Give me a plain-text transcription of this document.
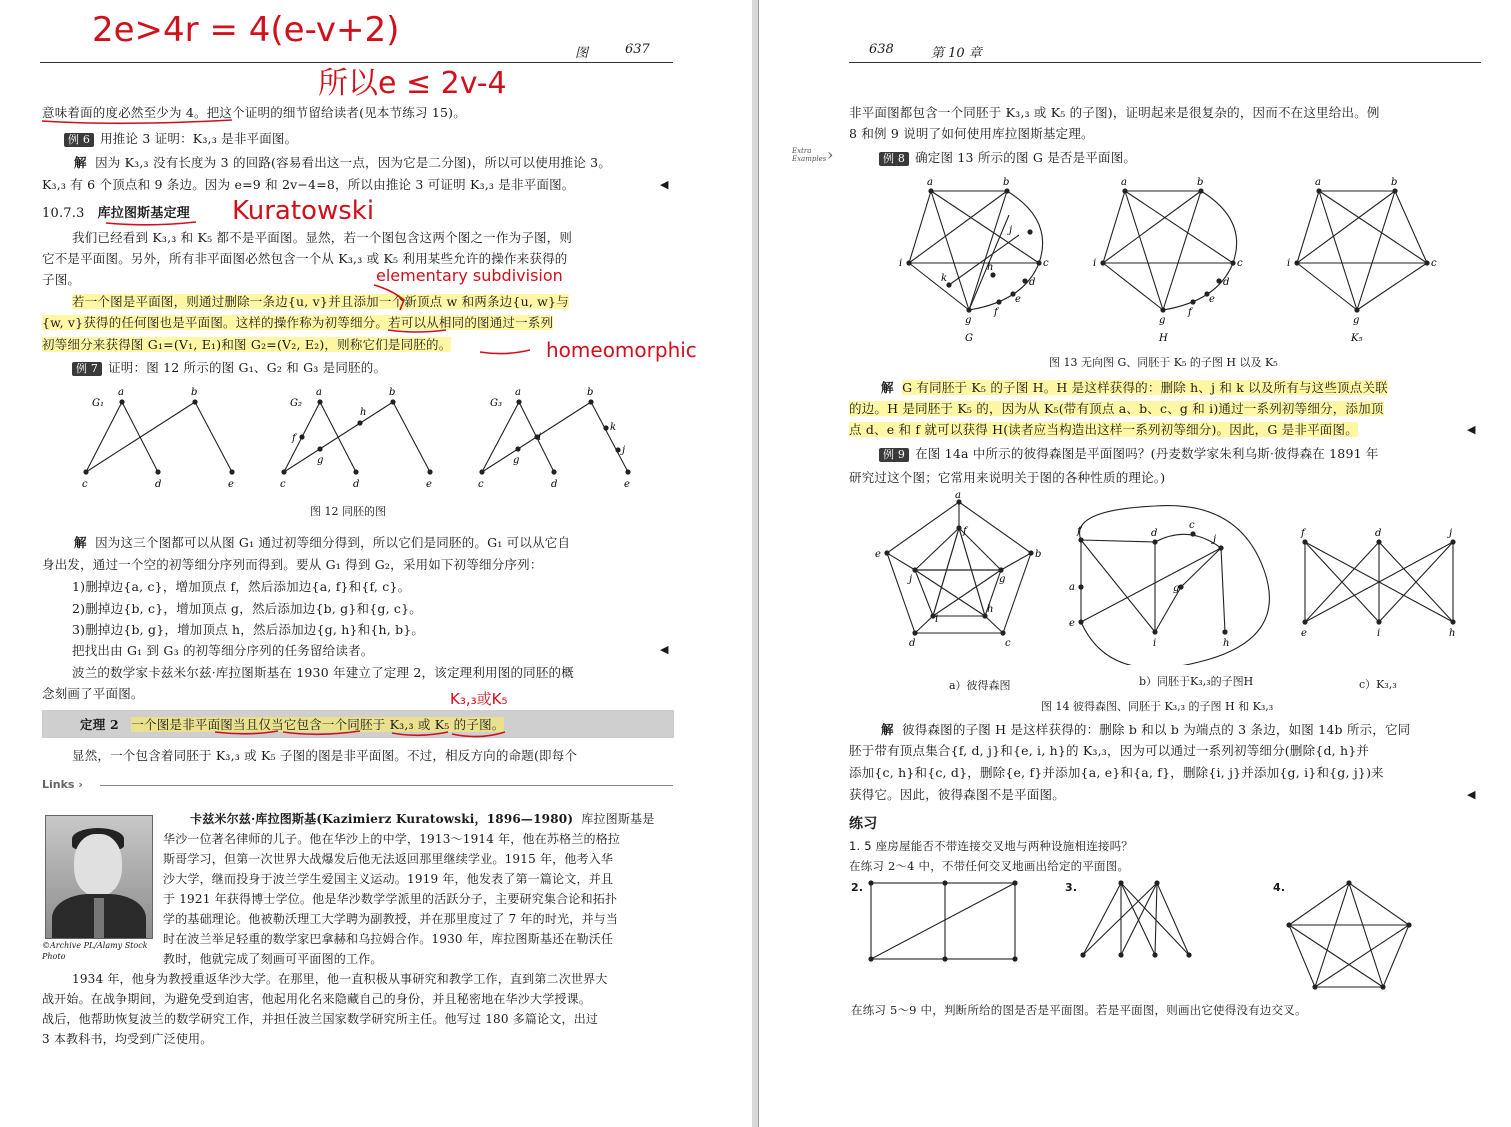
2e>4r = 4(e-v+2)
所以e ≤ 2v-4
图	637
意味着面的度必然至少为 4。把这个证明的细节留给读者(见本节练习 15)。
例 6 用推论 3 证明：K₃,₃ 是非平面图。
解 因为 K₃,₃ 没有长度为 3 的回路(容易看出这一点，因为它是二分图)，所以可以使用推论 3。
K₃,₃ 有 6 个顶点和 9 条边。因为 e=9 和 2v−4=8，所以由推论 3 可证明 K₃,₃ 是非平面图。	◀
10.7.3 库拉图斯基定理 Kuratowski
我们已经看到 K₃,₃ 和 K₅ 都不是平面图。显然，若一个图包含这两个图之一作为子图，则
它不是平面图。另外，所有非平面图必然包含一个从 K₃,₃ 或 K₅ 利用某些允许的操作来获得的
子图。	elementary subdivision
若一个图是平面图，则通过删除一条边{u, v}并且添加一个新顶点 w 和两条边{u, w}与
{w, v}获得的任何图也是平面图。这样的操作称为初等细分。若可以从相同的图通过一系列
初等细分来获得图 G₁=(V₁, E₁)和图 G₂=(V₂, E₂)，则称它们是同胚的。	homeomorphic
例 7 证明：图 12 所示的图 G₁、G₂ 和 G₃ 是同胚的。
G₁
a	b
c	d	e
G₂
a	b
f
g
h
c	d	e
G₃
a	b
g
i
k
j
c	d	e
图 12 同胚的图
解 因为这三个图都可以从图 G₁ 通过初等细分得到，所以它们是同胚的。G₁ 可以从它自
身出发，通过一个空的初等细分序列而得到。要从 G₁ 得到 G₂，采用如下初等细分序列：
1)删掉边{a, c}，增加顶点 f，然后添加边{a, f}和{f, c}。
2)删掉边{b, c}，增加顶点 g，然后添加边{b, g}和{g, c}。
3)删掉边{b, g}，增加顶点 h，然后添加边{g, h}和{h, b}。
把找出由 G₁ 到 G₃ 的初等细分序列的任务留给读者。	◀
波兰的数学家卡兹米尔兹·库拉图斯基在 1930 年建立了定理 2，该定理利用图的同胚的概
念刻画了平面图。	K₃,₃或K₅
定理 2 一个图是非平面图当且仅当它包含一个同胚于 K₃,₃ 或 K₅ 的子图。
显然，一个包含着同胚于 K₃,₃ 或 K₅ 子图的图是非平面图。不过，相反方向的命题(即每个
Links ›
©Archive PL/Alamy Stock
Photo
卡兹米尔兹·库拉图斯基(Kazimierz Kuratowski，1896—1980) 库拉图斯基是
华沙一位著名律师的儿子。他在华沙上的中学，1913～1914 年，他在苏格兰的格拉
斯哥学习，但第一次世界大战爆发后他无法返回那里继续学业。1915 年，他考入华
沙大学，继而投身于波兰学生爱国主义运动。1919 年，他发表了第一篇论文，并且
于 1921 年获得博士学位。他是华沙数学学派里的活跃分子，主要研究集合论和拓扑
学的基础理论。他被勒沃理工大学聘为副教授，并在那里度过了 7 年的时光，并与当
时在波兰举足轻重的数学家巴拿赫和乌拉姆合作。1930 年，库拉图斯基还在勒沃任
教时，他就完成了刻画可平面图的工作。
1934 年，他身为教授重返华沙大学。在那里，他一直积极从事研究和教学工作，直到第二次世界大
战开始。在战争期间，为避免受到迫害，他起用化名来隐藏自己的身份，并且秘密地在华沙大学授课。
战后，他帮助恢复波兰的数学研究工作，并担任波兰国家数学研究所主任。他写过 180 多篇论文，出过
3 本教科书，均受到广泛使用。
638	第 10 章
非平面图都包含一个同胚于 K₃,₃ 或 K₅ 的子图)，证明起来是很复杂的，因而不在这里给出。例
8 和例 9 说明了如何使用库拉图斯基定理。
Extra
Examples ›	例 8 确定图 13 所示的图 G 是否是平面图。
a	b
i	c
j
d
e
f
g
k
h
G
a	b
i	c
d
e
f
g
H
a	b
i	c
g
K₅
图 13 无向图 G、同胚于 K₅ 的子图 H 以及 K₅
解 G 有同胚于 K₅ 的子图 H。H 是这样获得的：删除 h、j 和 k 以及所有与这些顶点关联
的边。H 是同胚于 K₅ 的，因为从 K₅(带有顶点 a、b、c、g 和 i)通过一系列初等细分，添加顶
点 d、e 和 f 就可以获得 H(读者应当构造出这样一系列初等细分)。因此，G 是非平面图。	◀
例 9 在图 14a 中所示的彼得森图是平面图吗？(丹麦数学家朱利乌斯·彼得森在 1891 年
研究过这个图；它常用来说明关于图的各种性质的理论。)
a
b
c
d
e
f
g
h
i
j
f	d
j
a
e
g
i	h
c
f	d	j
e	i	h
a）彼得森图	b）同胚于K₃,₃的子图H	c）K₃,₃
图 14 彼得森图、同胚于 K₃,₃ 的子图 H 和 K₃,₃
解 彼得森图的子图 H 是这样获得的：删除 b 和以 b 为端点的 3 条边，如图 14b 所示，它同
胚于带有顶点集合{f, d, j}和{e, i, h}的 K₃,₃，因为可以通过一系列初等细分(删除{d, h}并
添加{c, h}和{c, d}，删除{e, f}并添加{a, e}和{a, f}，删除{i, j}并添加{g, i}和{g, j})来
获得它。因此，彼得森图不是平面图。	◀
练习
1. 5 座房屋能否不带连接交叉地与两种设施相连接吗？
在练习 2～4 中，不带任何交叉地画出给定的平面图。
2.	3.	4.
在练习 5～9 中，判断所给的图是否是平面图。若是平面图，则画出它使得没有边交叉。
